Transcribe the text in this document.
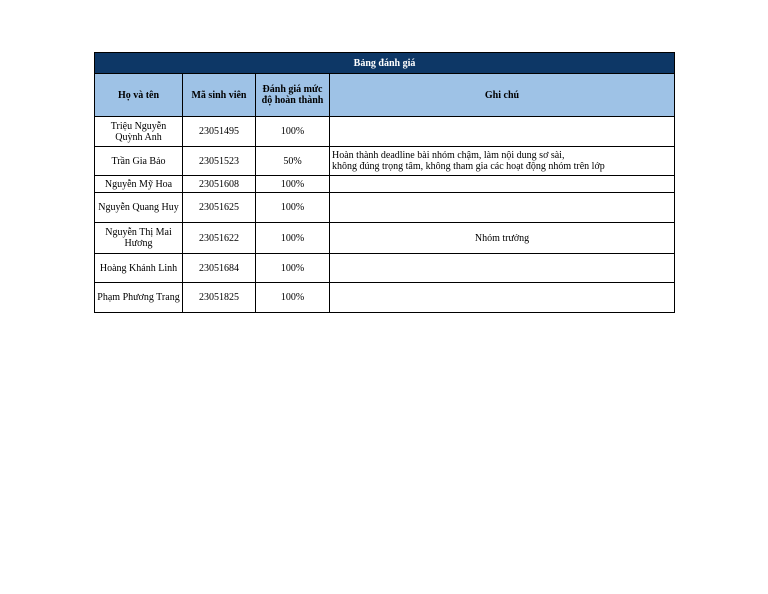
Bảng đánh giá			
Họ và tên	Mã sinh viên	Đánh giá mức độ hoàn thành	Ghi chú
Triệu Nguyễn Quỳnh Anh	23051495	100%	
Trần Gia Bảo	23051523	50%	Hoàn thành deadline bài nhóm chậm, làm nội dung sơ sài,
không đúng trọng tâm, không tham gia các hoạt động nhóm trên lớp
Nguyễn Mỹ Hoa	23051608	100%	
Nguyễn Quang Huy	23051625	100%	
Nguyễn Thị Mai Hương	23051622	100%	Nhóm trưởng
Hoàng Khánh Linh	23051684	100%	
Phạm Phương Trang	23051825	100%	
